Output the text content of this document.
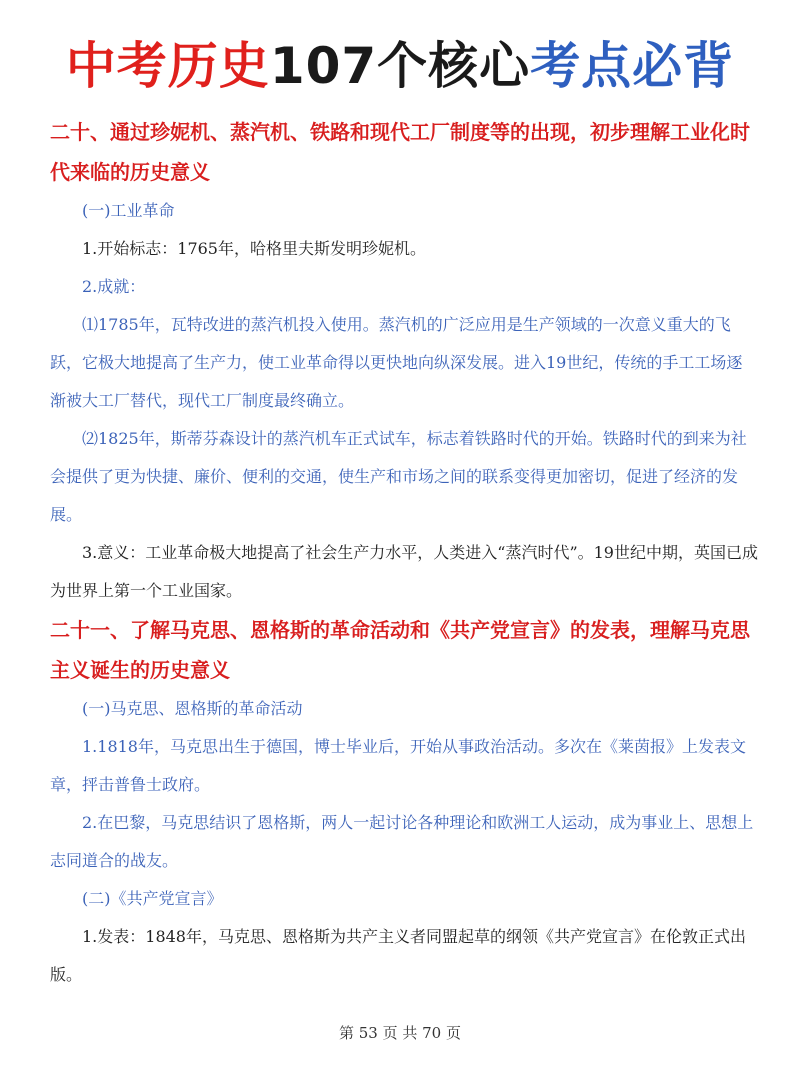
中考历史107个核心考点必背

二十、通过珍妮机、蒸汽机、铁路和现代工厂制度等的出现，初步理解工业化时代来临的历史意义

(一)工业革命

1.开始标志：1765年，哈格里夫斯发明珍妮机。

2.成就：

⑴1785年，瓦特改进的蒸汽机投入使用。蒸汽机的广泛应用是生产领域的一次意义重大的飞跃，它极大地提高了生产力，使工业革命得以更快地向纵深发展。进入19世纪，传统的手工工场逐渐被大工厂替代，现代工厂制度最终确立。

⑵1825年，斯蒂芬森设计的蒸汽机车正式试车，标志着铁路时代的开始。铁路时代的到来为社会提供了更为快捷、廉价、便利的交通，使生产和市场之间的联系变得更加密切，促进了经济的发展。

3.意义：工业革命极大地提高了社会生产力水平，人类进入“蒸汽时代”。19世纪中期，英国已成为世界上第一个工业国家。

二十一、了解马克思、恩格斯的革命活动和《共产党宣言》的发表，理解马克思主义诞生的历史意义

(一)马克思、恩格斯的革命活动

1.1818年，马克思出生于德国，博士毕业后，开始从事政治活动。多次在《莱茵报》上发表文章，抨击普鲁士政府。

2.在巴黎，马克思结识了恩格斯，两人一起讨论各种理论和欧洲工人运动，成为事业上、思想上志同道合的战友。

(二)《共产党宣言》

1.发表：1848年，马克思、恩格斯为共产主义者同盟起草的纲领《共产党宣言》在伦敦正式出版。

第 53 页 共 70 页
